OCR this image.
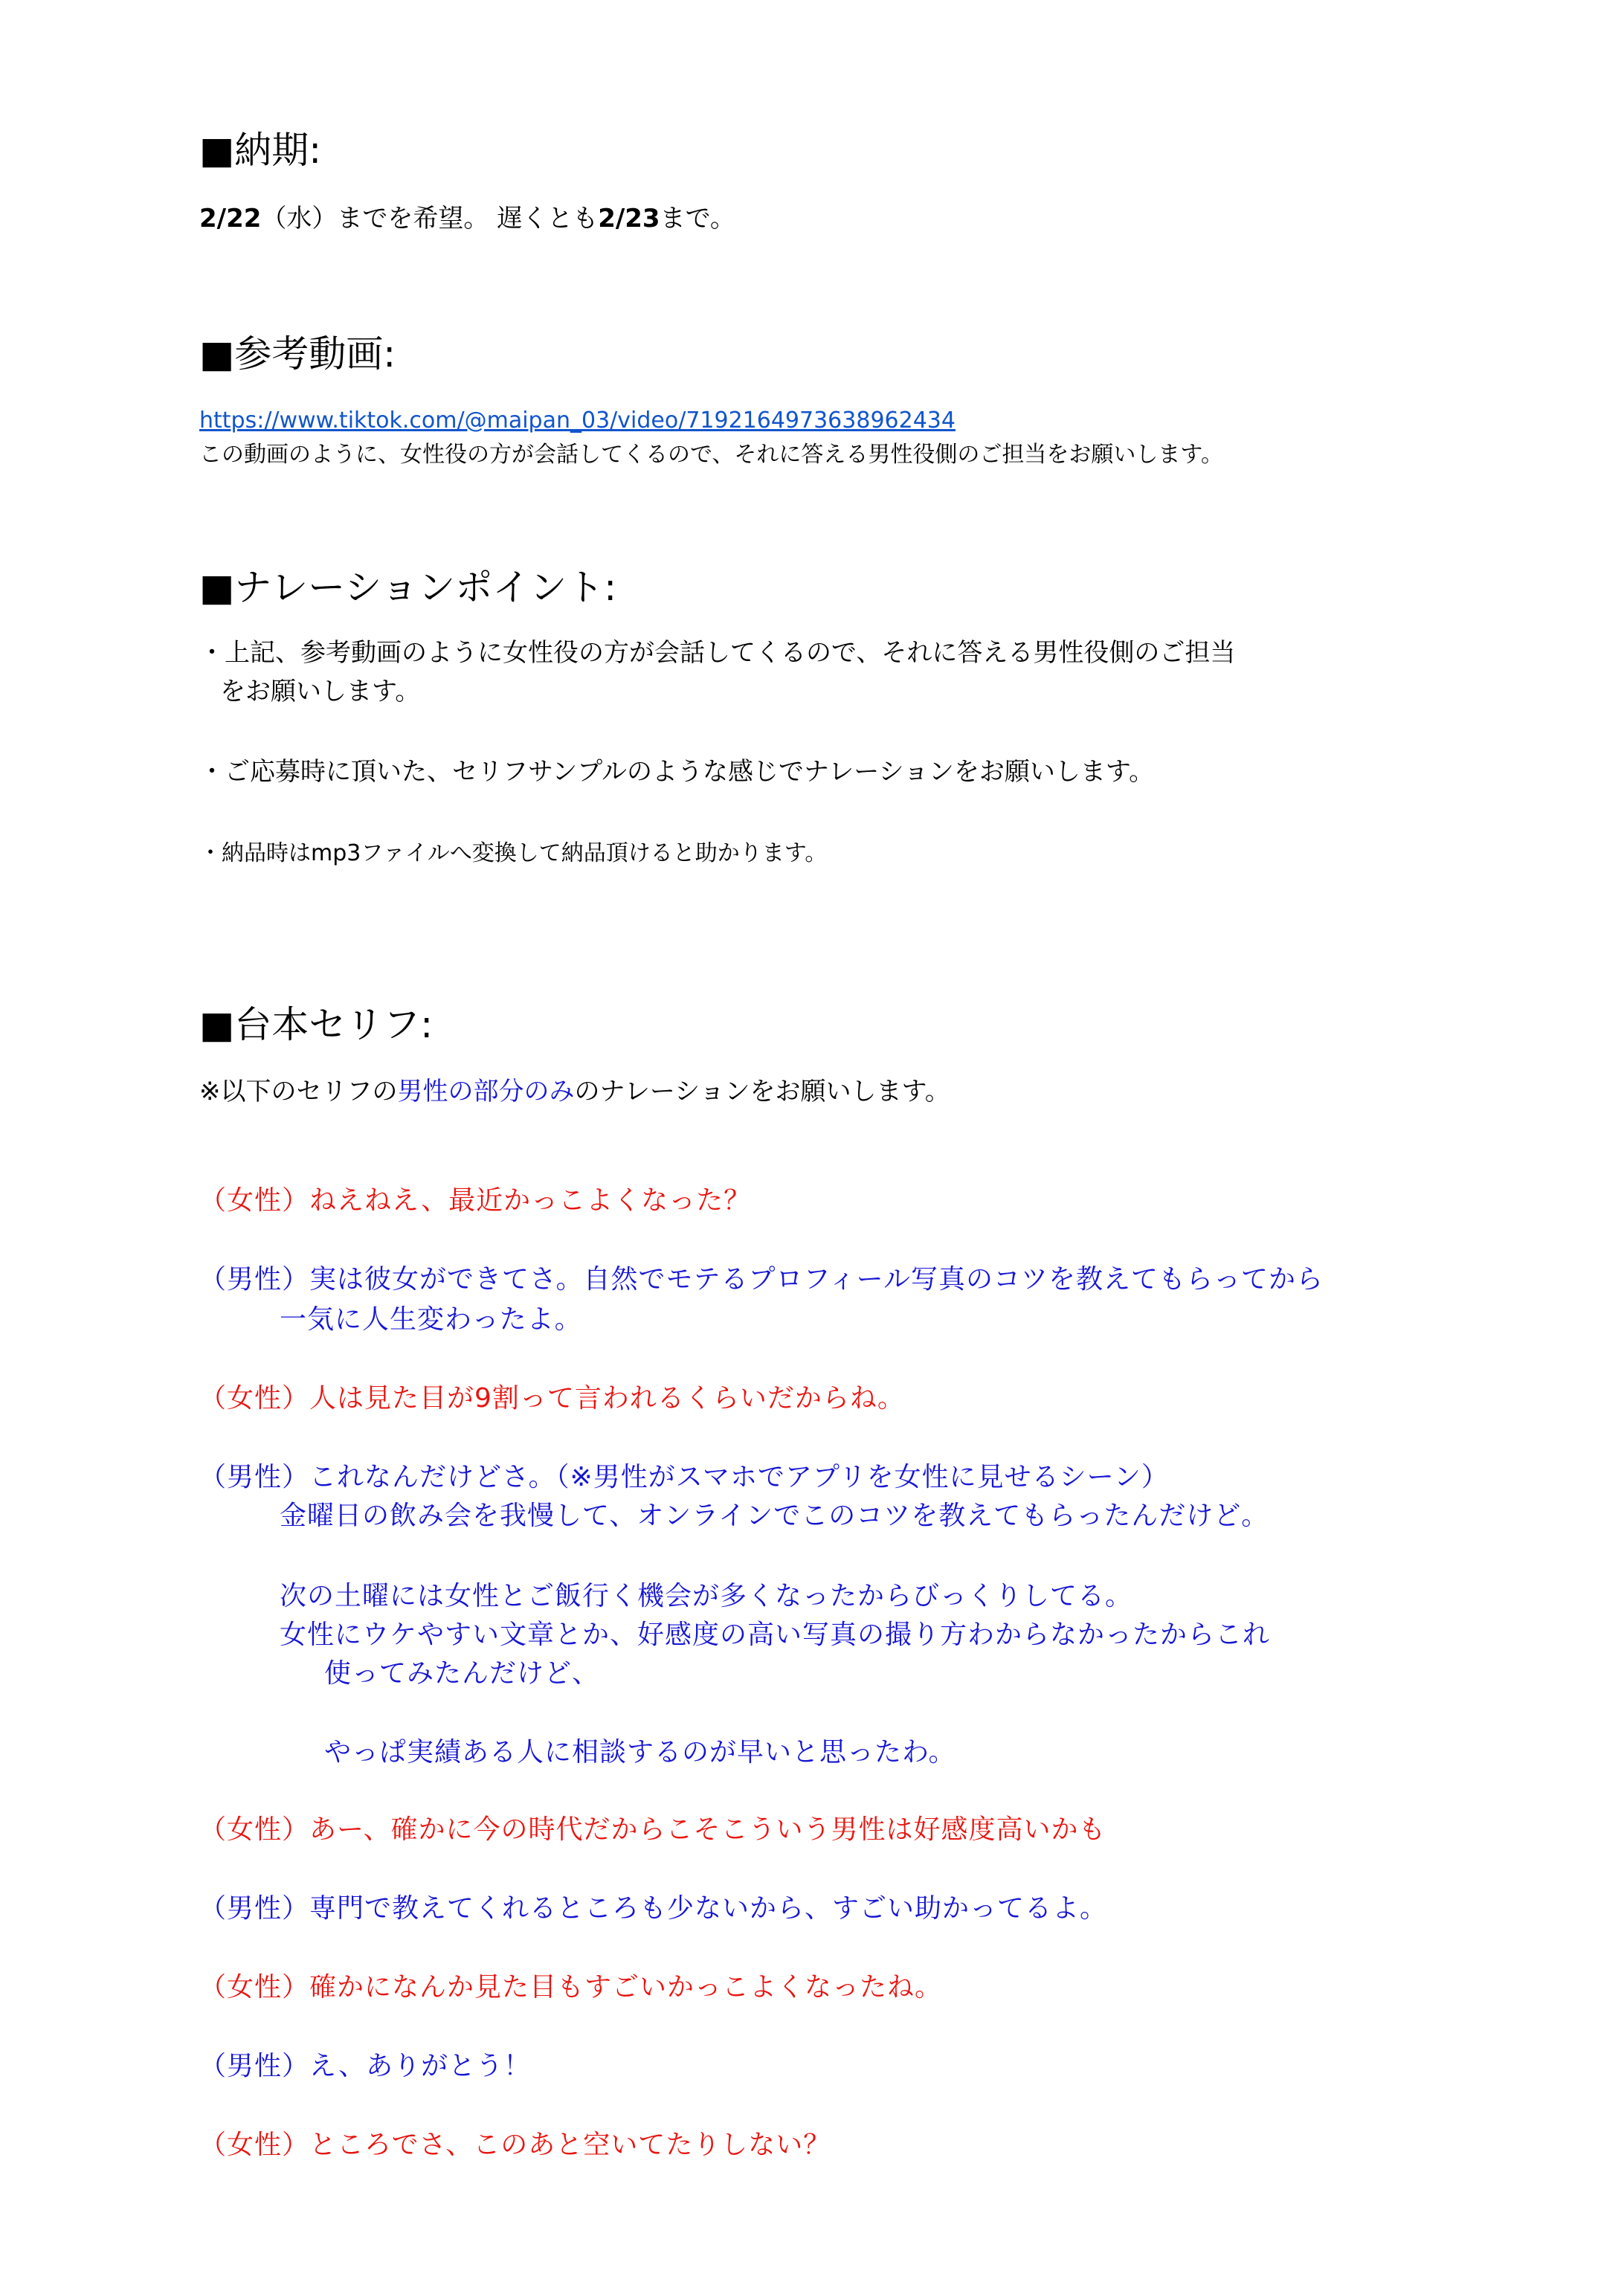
■納期:
2/22（水）までを希望。 遅くとも2/23まで。
■参考動画:
https://www.tiktok.com/@maipan_03/video/7192164973638962434
この動画のように、女性役の方が会話してくるので、それに答える男性役側のご担当をお願いします。
■ナレーションポイント:
・上記、参考動画のように女性役の方が会話してくるので、それに答える男性役側のご担当
をお願いします。
・ご応募時に頂いた、セリフサンプルのような感じでナレーションをお願いします。
・納品時はmp3ファイルへ変換して納品頂けると助かります。
■台本セリフ:
※以下のセリフの男性の部分のみのナレーションをお願いします。
（女性）ねえねえ、最近かっこよくなった？
（男性）実は彼女ができてさ。自然でモテるプロフィール写真のコツを教えてもらってから
一気に人生変わったよ。
（女性）人は見た目が9割って言われるくらいだからね。
（男性）これなんだけどさ。（※男性がスマホでアプリを女性に見せるシーン）
金曜日の飲み会を我慢して、オンラインでこのコツを教えてもらったんだけど。
次の土曜には女性とご飯行く機会が多くなったからびっくりしてる。
女性にウケやすい文章とか、好感度の高い写真の撮り方わからなかったからこれ
使ってみたんだけど、
やっぱ実績ある人に相談するのが早いと思ったわ。
（女性）あー、確かに今の時代だからこそこういう男性は好感度高いかも
（男性）専門で教えてくれるところも少ないから、すごい助かってるよ。
（女性）確かになんか見た目もすごいかっこよくなったね。
（男性）え、ありがとう！
（女性）ところでさ、このあと空いてたりしない？
